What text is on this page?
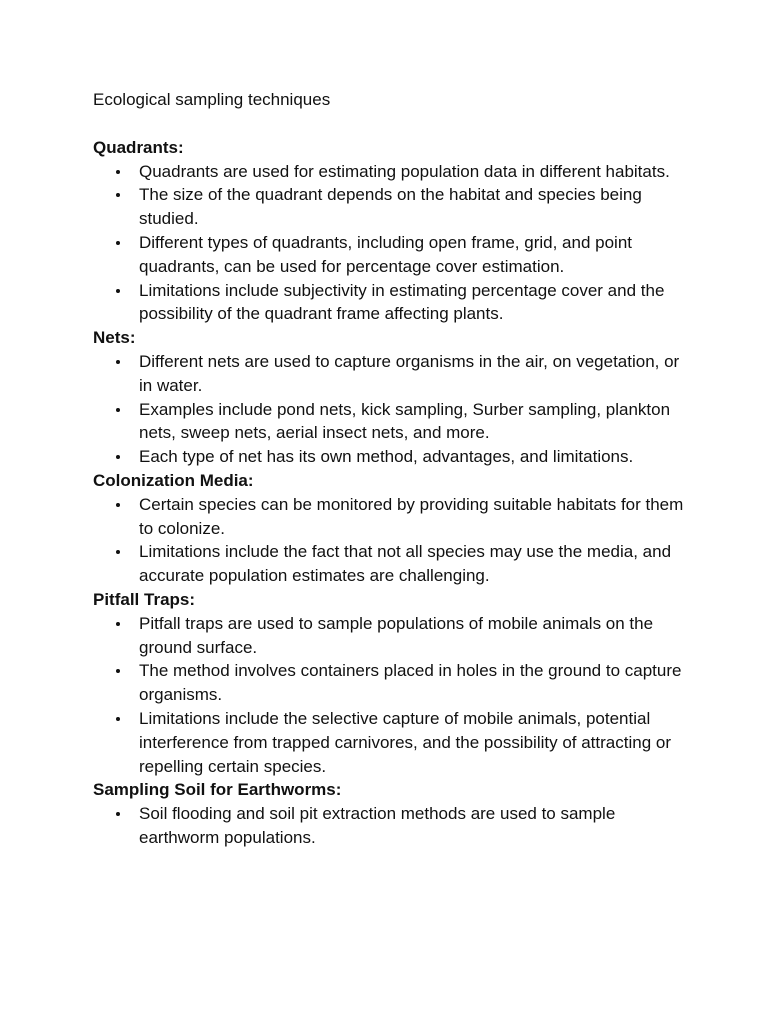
Ecological sampling techniques
Quadrants:
Quadrants are used for estimating population data in different habitats.
The size of the quadrant depends on the habitat and species being studied.
Different types of quadrants, including open frame, grid, and point quadrants, can be used for percentage cover estimation.
Limitations include subjectivity in estimating percentage cover and the possibility of the quadrant frame affecting plants.
Nets:
Different nets are used to capture organisms in the air, on vegetation, or in water.
Examples include pond nets, kick sampling, Surber sampling, plankton nets, sweep nets, aerial insect nets, and more.
Each type of net has its own method, advantages, and limitations.
Colonization Media:
Certain species can be monitored by providing suitable habitats for them to colonize.
Limitations include the fact that not all species may use the media, and accurate population estimates are challenging.
Pitfall Traps:
Pitfall traps are used to sample populations of mobile animals on the ground surface.
The method involves containers placed in holes in the ground to capture organisms.
Limitations include the selective capture of mobile animals, potential interference from trapped carnivores, and the possibility of attracting or repelling certain species.
Sampling Soil for Earthworms:
Soil flooding and soil pit extraction methods are used to sample earthworm populations.
